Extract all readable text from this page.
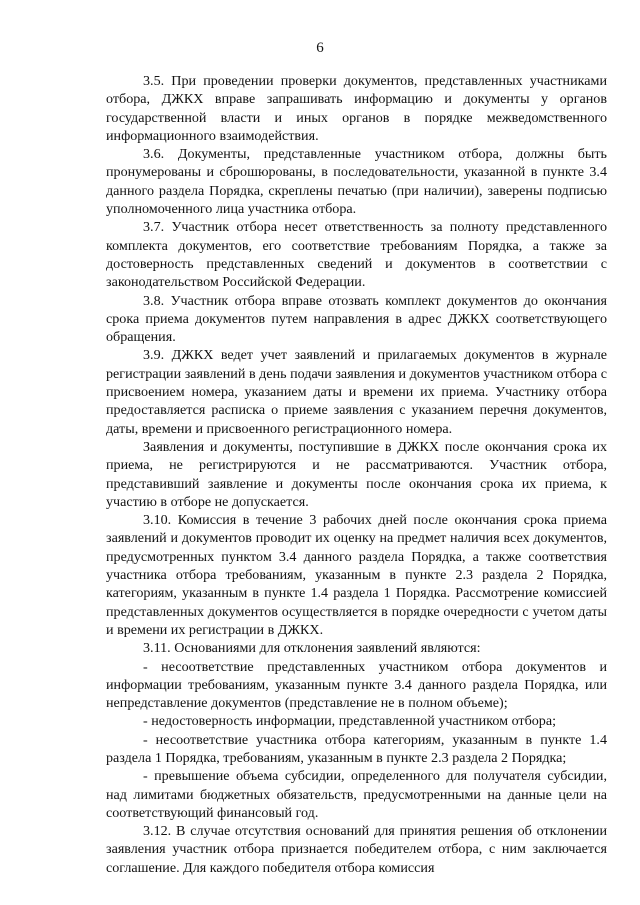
6

3.5. При проведении проверки документов, представленных участниками отбора, ДЖКХ вправе запрашивать информацию и документы у органов государственной власти и иных органов в порядке межведомственного информационного взаимодействия.

3.6. Документы, представленные участником отбора, должны быть пронумерованы и сброшюрованы, в последовательности, указанной в пункте 3.4 данного раздела Порядка, скреплены печатью (при наличии), заверены подписью уполномоченного лица участника отбора.

3.7. Участник отбора несет ответственность за полноту представленного комплекта документов, его соответствие требованиям Порядка, а также за достоверность представленных сведений и документов в соответствии с законодательством Российской Федерации.

3.8. Участник отбора вправе отозвать комплект документов до окончания срока приема документов путем направления в адрес ДЖКХ соответствующего обращения.

3.9. ДЖКХ ведет учет заявлений и прилагаемых документов в журнале регистрации заявлений в день подачи заявления и документов участником отбора с присвоением номера, указанием даты и времени их приема. Участнику отбора предоставляется расписка о приеме заявления с указанием перечня документов, даты, времени и присвоенного регистрационного номера.

Заявления и документы, поступившие в ДЖКХ после окончания срока их приема, не регистрируются и не рассматриваются. Участник отбора, представивший заявление и документы после окончания срока их приема, к участию в отборе не допускается.

3.10. Комиссия в течение 3 рабочих дней после окончания срока приема заявлений и документов проводит их оценку на предмет наличия всех документов, предусмотренных пунктом 3.4 данного раздела Порядка, а также соответствия участника отбора требованиям, указанным в пункте 2.3 раздела 2 Порядка, категориям, указанным в пункте 1.4 раздела 1 Порядка. Рассмотрение комиссией представленных документов осуществляется в порядке очередности с учетом даты и времени их регистрации в ДЖКХ.

3.11. Основаниями для отклонения заявлений являются:

- несоответствие представленных участником отбора документов и информации требованиям, указанным пункте 3.4 данного раздела Порядка, или непредставление документов (представление не в полном объеме);

- недостоверность информации, представленной участником отбора;

- несоответствие участника отбора категориям, указанным в пункте 1.4 раздела 1 Порядка, требованиям, указанным в пункте 2.3 раздела 2 Порядка;

- превышение объема субсидии, определенного для получателя субсидии, над лимитами бюджетных обязательств, предусмотренными на данные цели на соответствующий финансовый год.

3.12. В случае отсутствия оснований для принятия решения об отклонении заявления участник отбора признается победителем отбора, с ним заключается соглашение. Для каждого победителя отбора комиссия
